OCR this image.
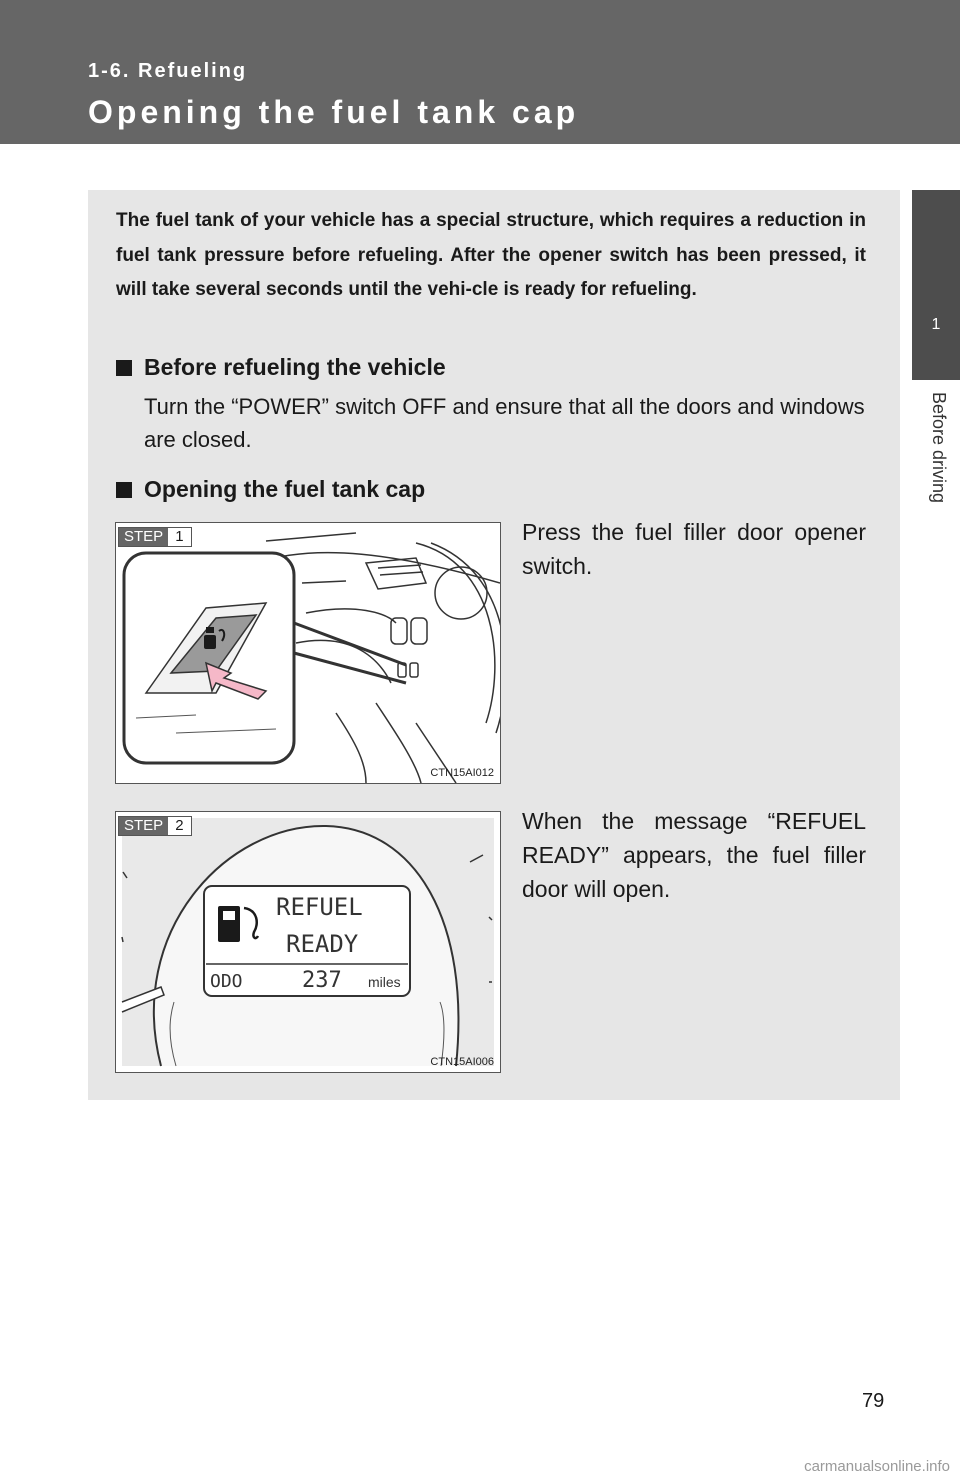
1-6. Refueling
Opening the fuel tank cap
1
Before driving

The fuel tank of your vehicle has a special structure, which requires a reduction in fuel tank pressure before refueling. After the opener switch has been pressed, it will take several seconds until the vehi-cle is ready for refueling.

Before refueling the vehicle

Turn the “POWER” switch OFF and ensure that all the doors and windows are closed.

Opening the fuel tank cap
STEP 1
CTN15AI012

Press the fuel filler door opener switch.

REFUEL
READY
ODO	237 miles
STEP 2
CTN15AI006

When the message “REFUEL READY” appears, the fuel filler door will open.

79
carmanualsonline.info
